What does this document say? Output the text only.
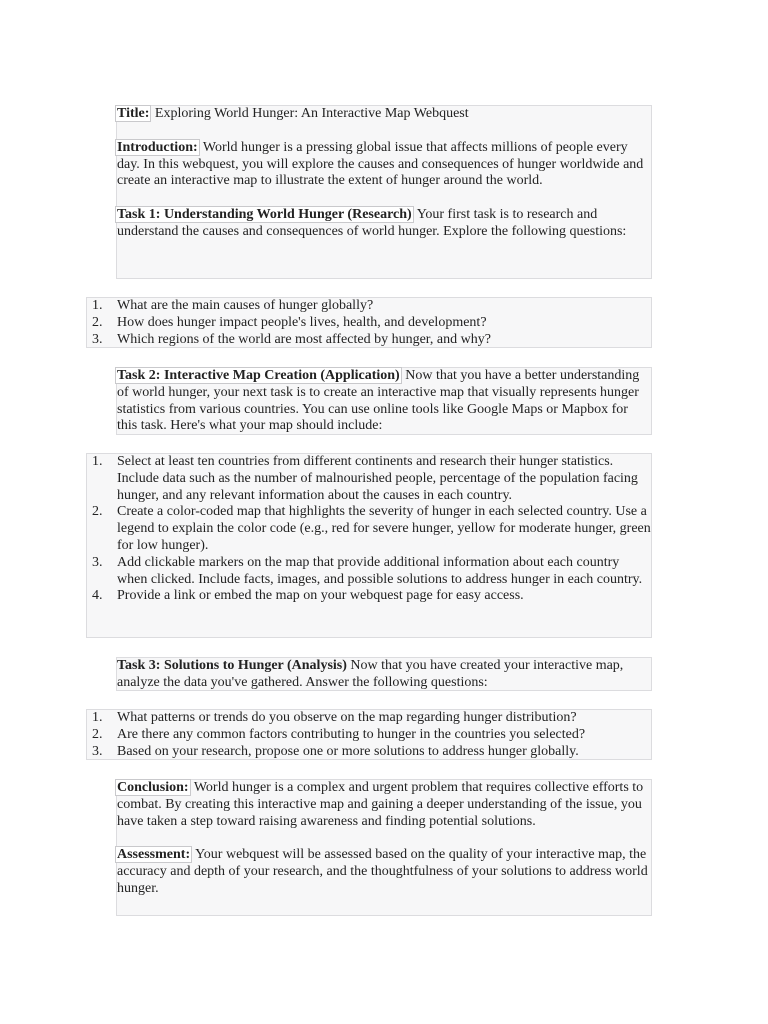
Title: Exploring World Hunger: An Interactive Map Webquest

Introduction: World hunger is a pressing global issue that affects millions of people every day. In this webquest, you will explore the causes and consequences of hunger worldwide and create an interactive map to illustrate the extent of hunger around the world.

Task 1: Understanding World Hunger (Research) Your first task is to research and understand the causes and consequences of world hunger. Explore the following questions:

1. What are the main causes of hunger globally?
2. How does hunger impact people's lives, health, and development?
3. Which regions of the world are most affected by hunger, and why?

Task 2: Interactive Map Creation (Application) Now that you have a better understanding of world hunger, your next task is to create an interactive map that visually represents hunger statistics from various countries. You can use online tools like Google Maps or Mapbox for this task. Here's what your map should include:

1. Select at least ten countries from different continents and research their hunger statistics. Include data such as the number of malnourished people, percentage of the population facing hunger, and any relevant information about the causes in each country.
2. Create a color-coded map that highlights the severity of hunger in each selected country. Use a legend to explain the color code (e.g., red for severe hunger, yellow for moderate hunger, green for low hunger).
3. Add clickable markers on the map that provide additional information about each country when clicked. Include facts, images, and possible solutions to address hunger in each country.
4. Provide a link or embed the map on your webquest page for easy access.

Task 3: Solutions to Hunger (Analysis) Now that you have created your interactive map, analyze the data you've gathered. Answer the following questions:

1. What patterns or trends do you observe on the map regarding hunger distribution?
2. Are there any common factors contributing to hunger in the countries you selected?
3. Based on your research, propose one or more solutions to address hunger globally.

Conclusion: World hunger is a complex and urgent problem that requires collective efforts to combat. By creating this interactive map and gaining a deeper understanding of the issue, you have taken a step toward raising awareness and finding potential solutions.

Assessment: Your webquest will be assessed based on the quality of your interactive map, the accuracy and depth of your research, and the thoughtfulness of your solutions to address world hunger.
